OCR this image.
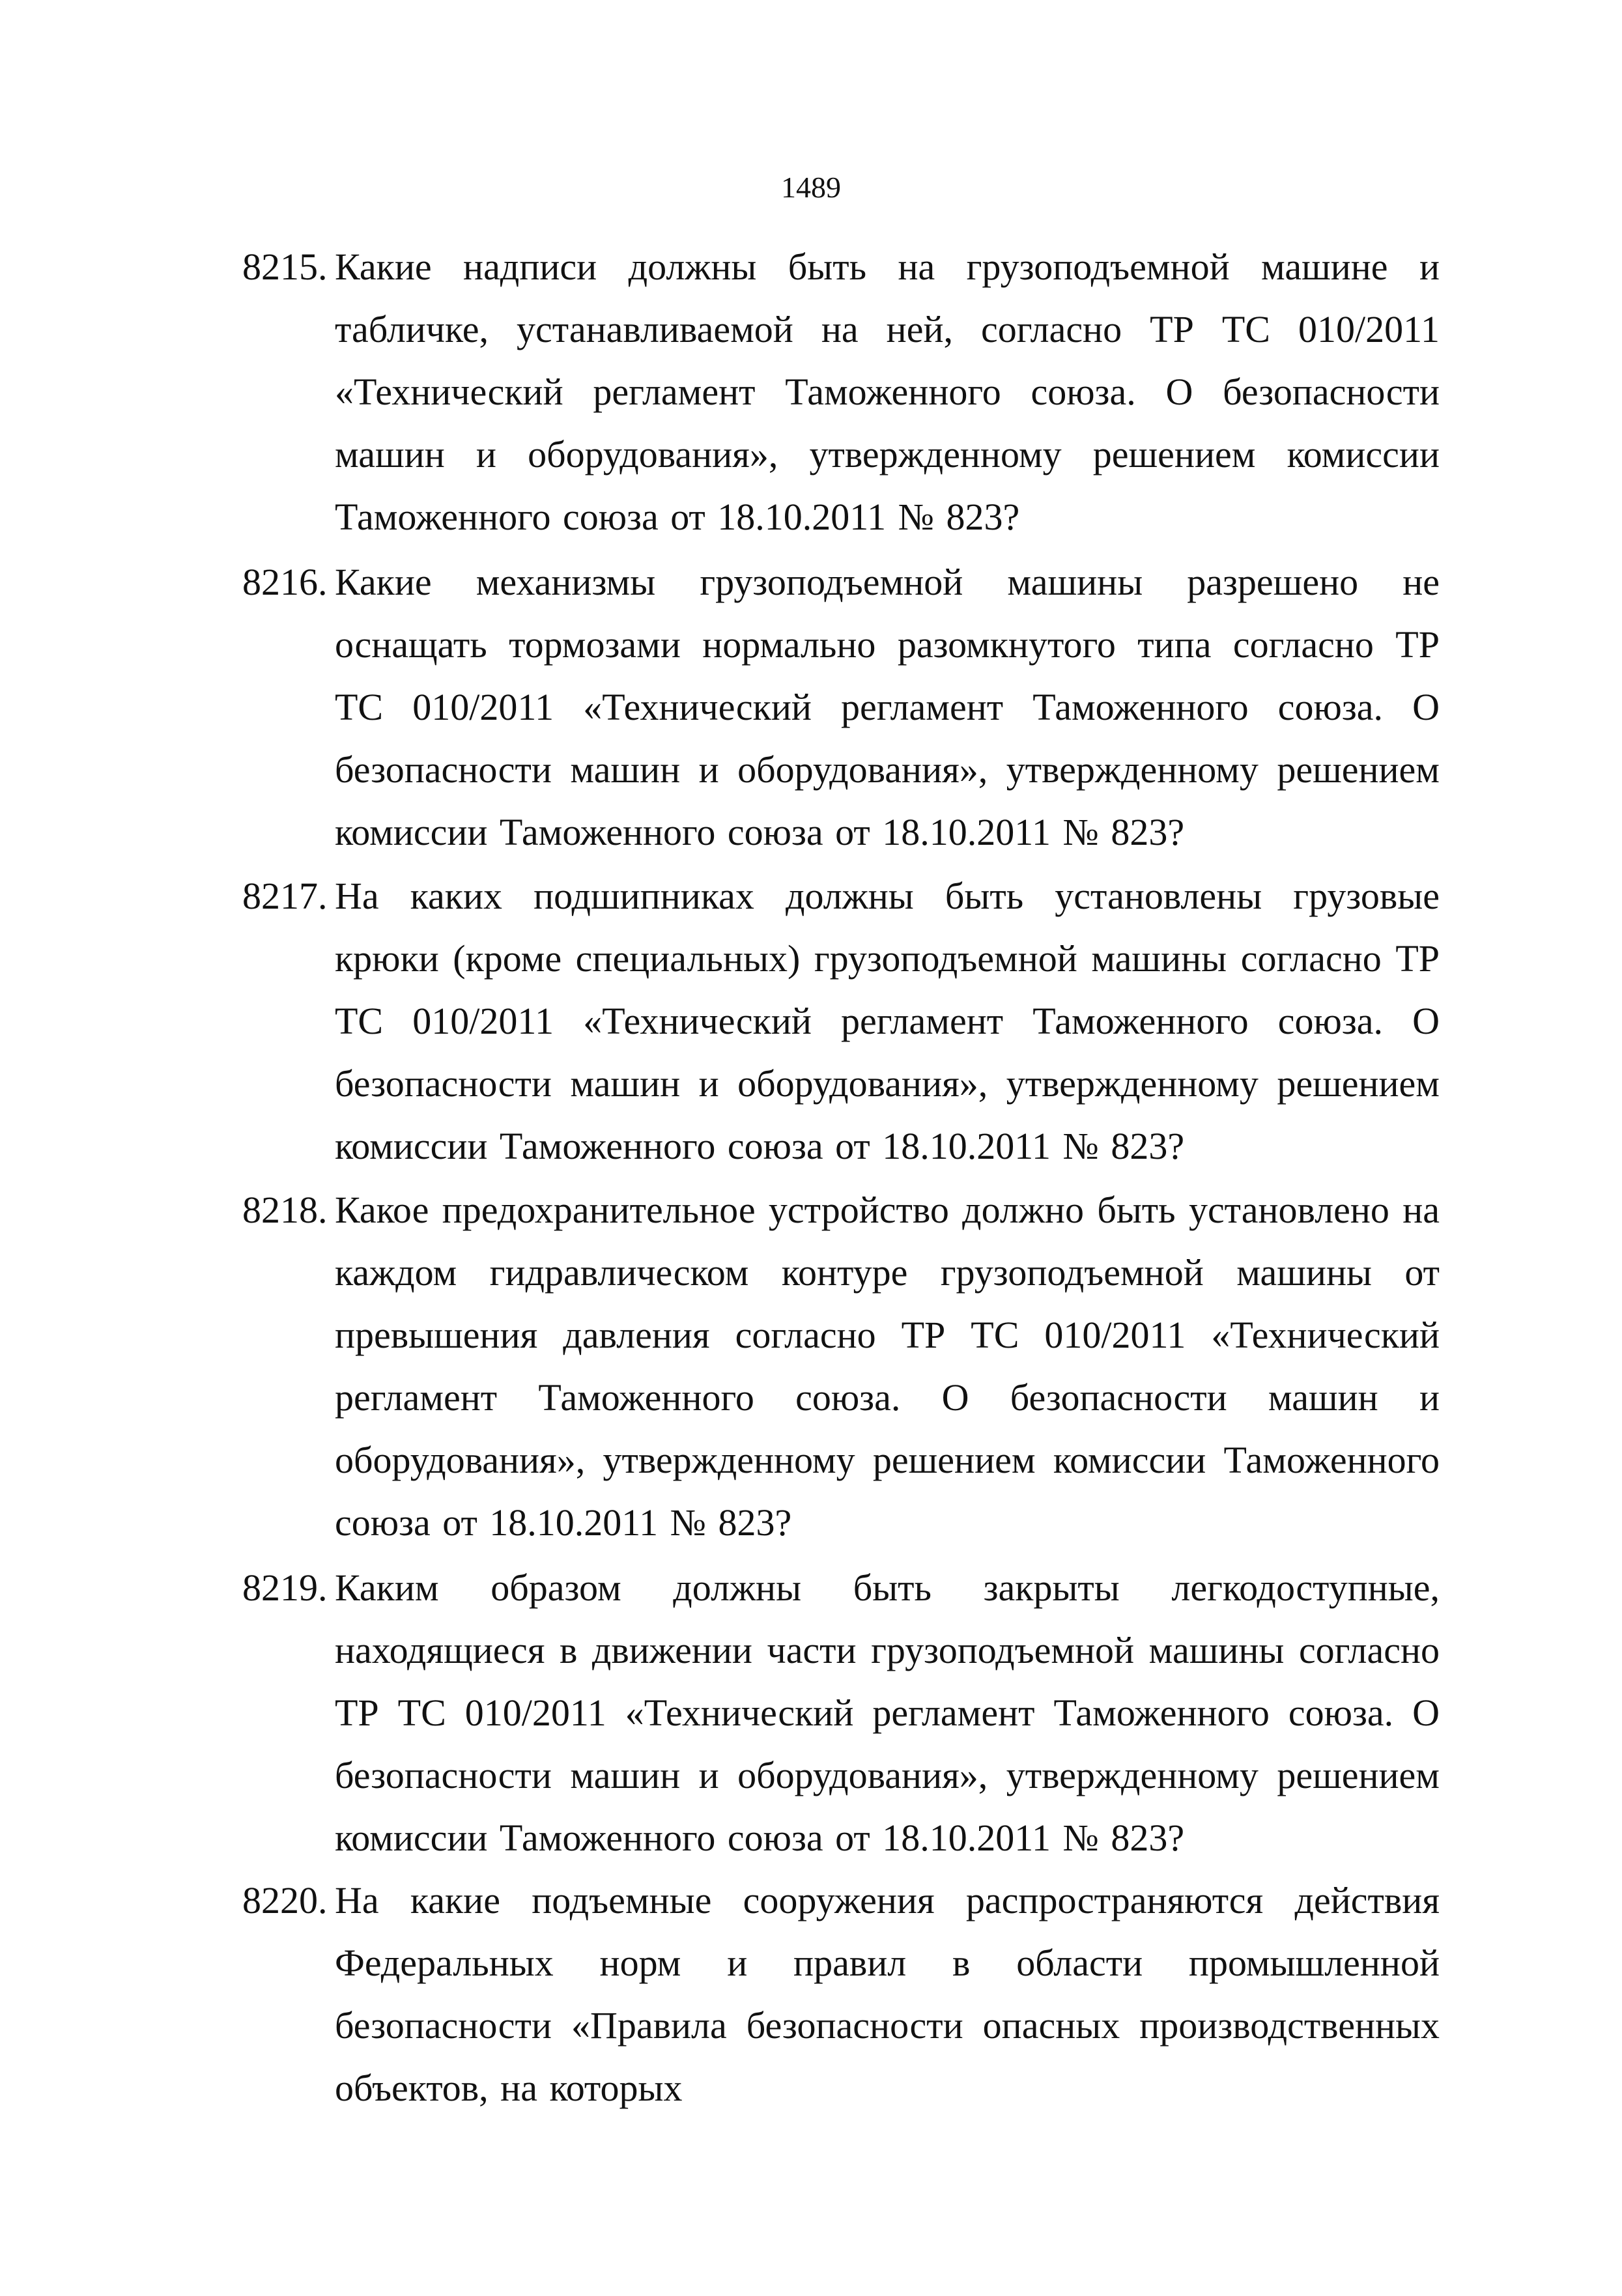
1489
8215. Какие надписи должны быть на грузоподъемной машине и табличке, устанавливаемой на ней, согласно ТР ТС 010/2011 «Технический регламент Таможенного союза. О безопасности машин и оборудования», утвержденному решением комиссии Таможенного союза от 18.10.2011 № 823?
8216. Какие механизмы грузоподъемной машины разрешено не оснащать тормозами нормально разомкнутого типа согласно ТР ТС 010/2011 «Технический регламент Таможенного союза. О безопасности машин и оборудования», утвержденному решением комиссии Таможенного союза от 18.10.2011 № 823?
8217. На каких подшипниках должны быть установлены грузовые крюки (кроме специальных) грузоподъемной машины согласно ТР ТС 010/2011 «Технический регламент Таможенного союза. О безопасности машин и оборудования», утвержденному решением комиссии Таможенного союза от 18.10.2011 № 823?
8218. Какое предохранительное устройство должно быть установлено на каждом гидравлическом контуре грузоподъемной машины от превышения давления согласно ТР ТС 010/2011 «Технический регламент Таможенного союза. О безопасности машин и оборудования», утвержденному решением комиссии Таможенного союза от 18.10.2011 № 823?
8219. Каким образом должны быть закрыты легкодоступные, находящиеся в движении части грузоподъемной машины согласно ТР ТС 010/2011 «Технический регламент Таможенного союза. О безопасности машин и оборудования», утвержденному решением комиссии Таможенного союза от 18.10.2011 № 823?
8220. На какие подъемные сооружения распространяются действия Федеральных норм и правил в области промышленной безопасности «Правила безопасности опасных производственных объектов, на которых
